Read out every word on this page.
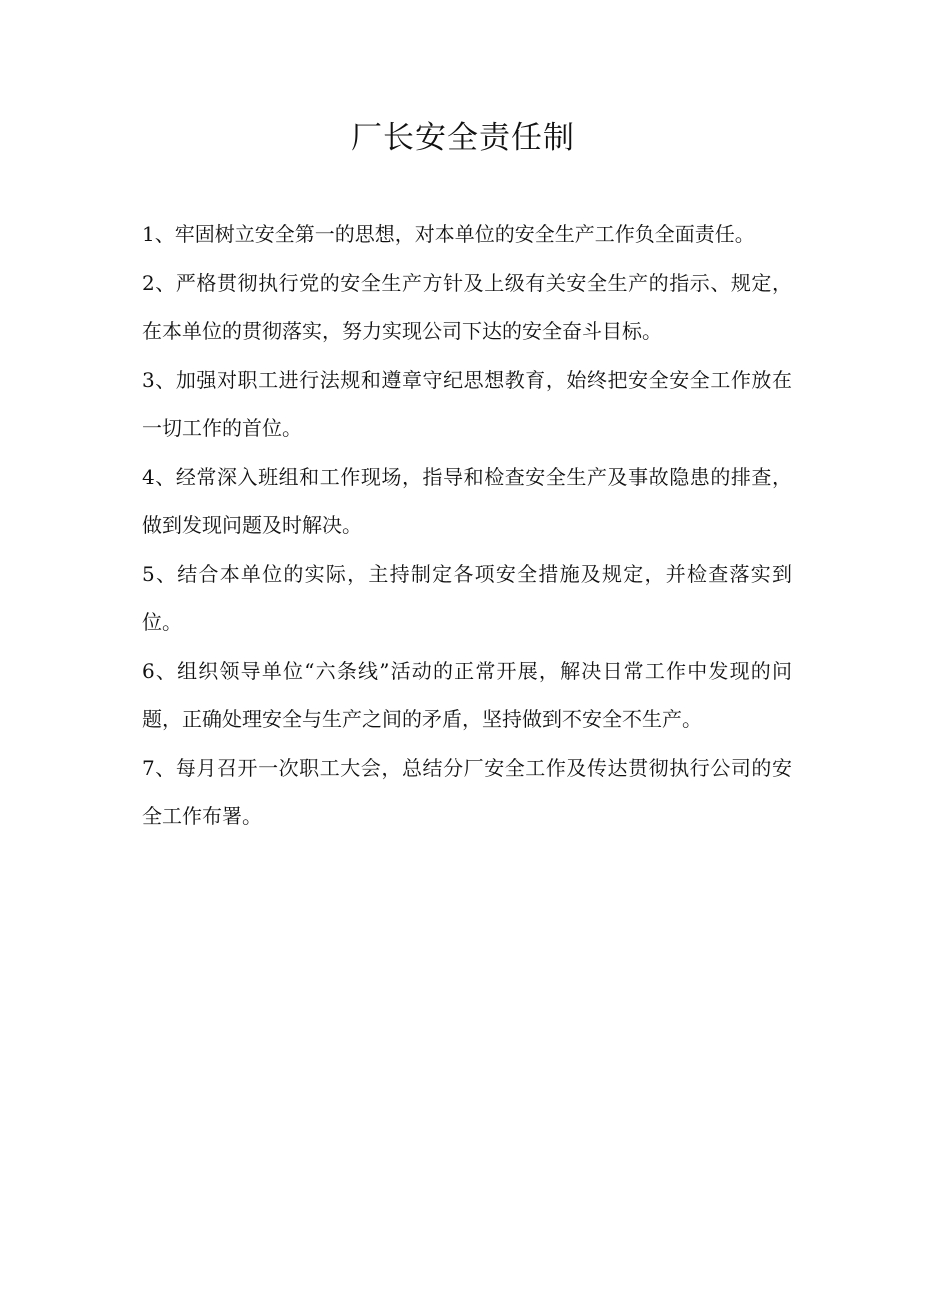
厂长安全责任制
1、牢固树立安全第一的思想，对本单位的安全生产工作负全面责任。
2、严格贯彻执行党的安全生产方针及上级有关安全生产的指示、规定，在本单位的贯彻落实，努力实现公司下达的安全奋斗目标。
3、加强对职工进行法规和遵章守纪思想教育，始终把安全安全工作放在一切工作的首位。
4、经常深入班组和工作现场，指导和检查安全生产及事故隐患的排查，做到发现问题及时解决。
5、结合本单位的实际，主持制定各项安全措施及规定，并检查落实到位。
6、组织领导单位“六条线”活动的正常开展，解决日常工作中发现的问题，正确处理安全与生产之间的矛盾，坚持做到不安全不生产。
7、每月召开一次职工大会，总结分厂安全工作及传达贯彻执行公司的安全工作布署。
